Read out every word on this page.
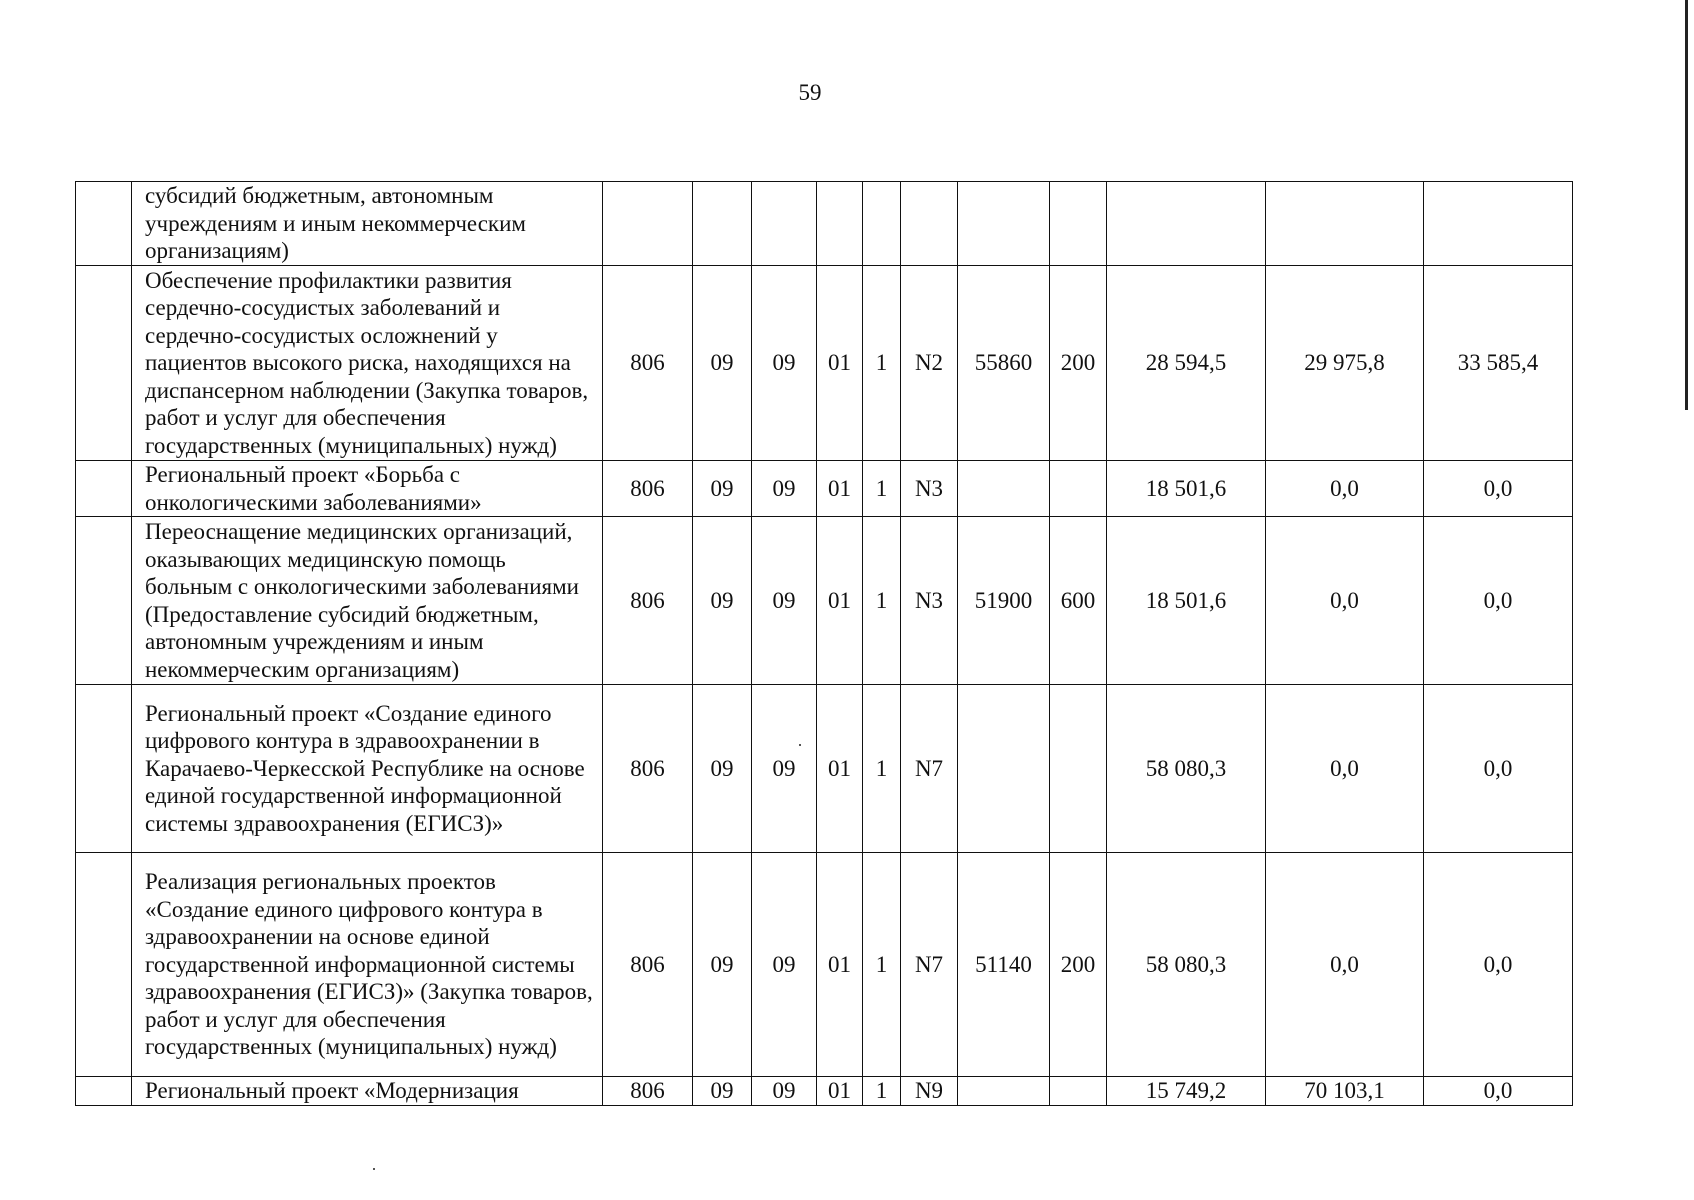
59
	субсидий бюджетным, автономным учреждениям и иным некоммерческим организациям)											
	Обеспечение профилактики развития сердечно-сосудистых заболеваний и сердечно-сосудистых осложнений у пациентов высокого риска, находящихся на диспансерном наблюдении (Закупка товаров, работ и услуг для обеспечения государственных (муниципальных) нужд)	806	09	09	01	1	N2	55860	200	28 594,5	29 975,8	33 585,4
	Региональный проект «Борьба с онкологическими заболеваниями»	806	09	09	01	1	N3			18 501,6	0,0	0,0
	Переоснащение медицинских организаций, оказывающих медицинскую помощь больным с онкологическими заболеваниями (Предоставление субсидий бюджетным, автономным учреждениям и иным некоммерческим организациям)	806	09	09	01	1	N3	51900	600	18 501,6	0,0	0,0
	Региональный проект «Создание единого цифрового контура в здравоохранении в Карачаево-Черкесской Республике на основе единой государственной информационной системы здравоохранения (ЕГИСЗ)»	806	09	09	01	1	N7			58 080,3	0,0	0,0
	Реализация региональных проектов «Создание единого цифрового контура в здравоохранении на основе единой государственной информационной системы здравоохранения (ЕГИСЗ)» (Закупка товаров, работ и услуг для обеспечения государственных (муниципальных) нужд)	806	09	09	01	1	N7	51140	200	58 080,3	0,0	0,0
	Региональный проект «Модернизация	806	09	09	01	1	N9			15 749,2	70 103,1	0,0
